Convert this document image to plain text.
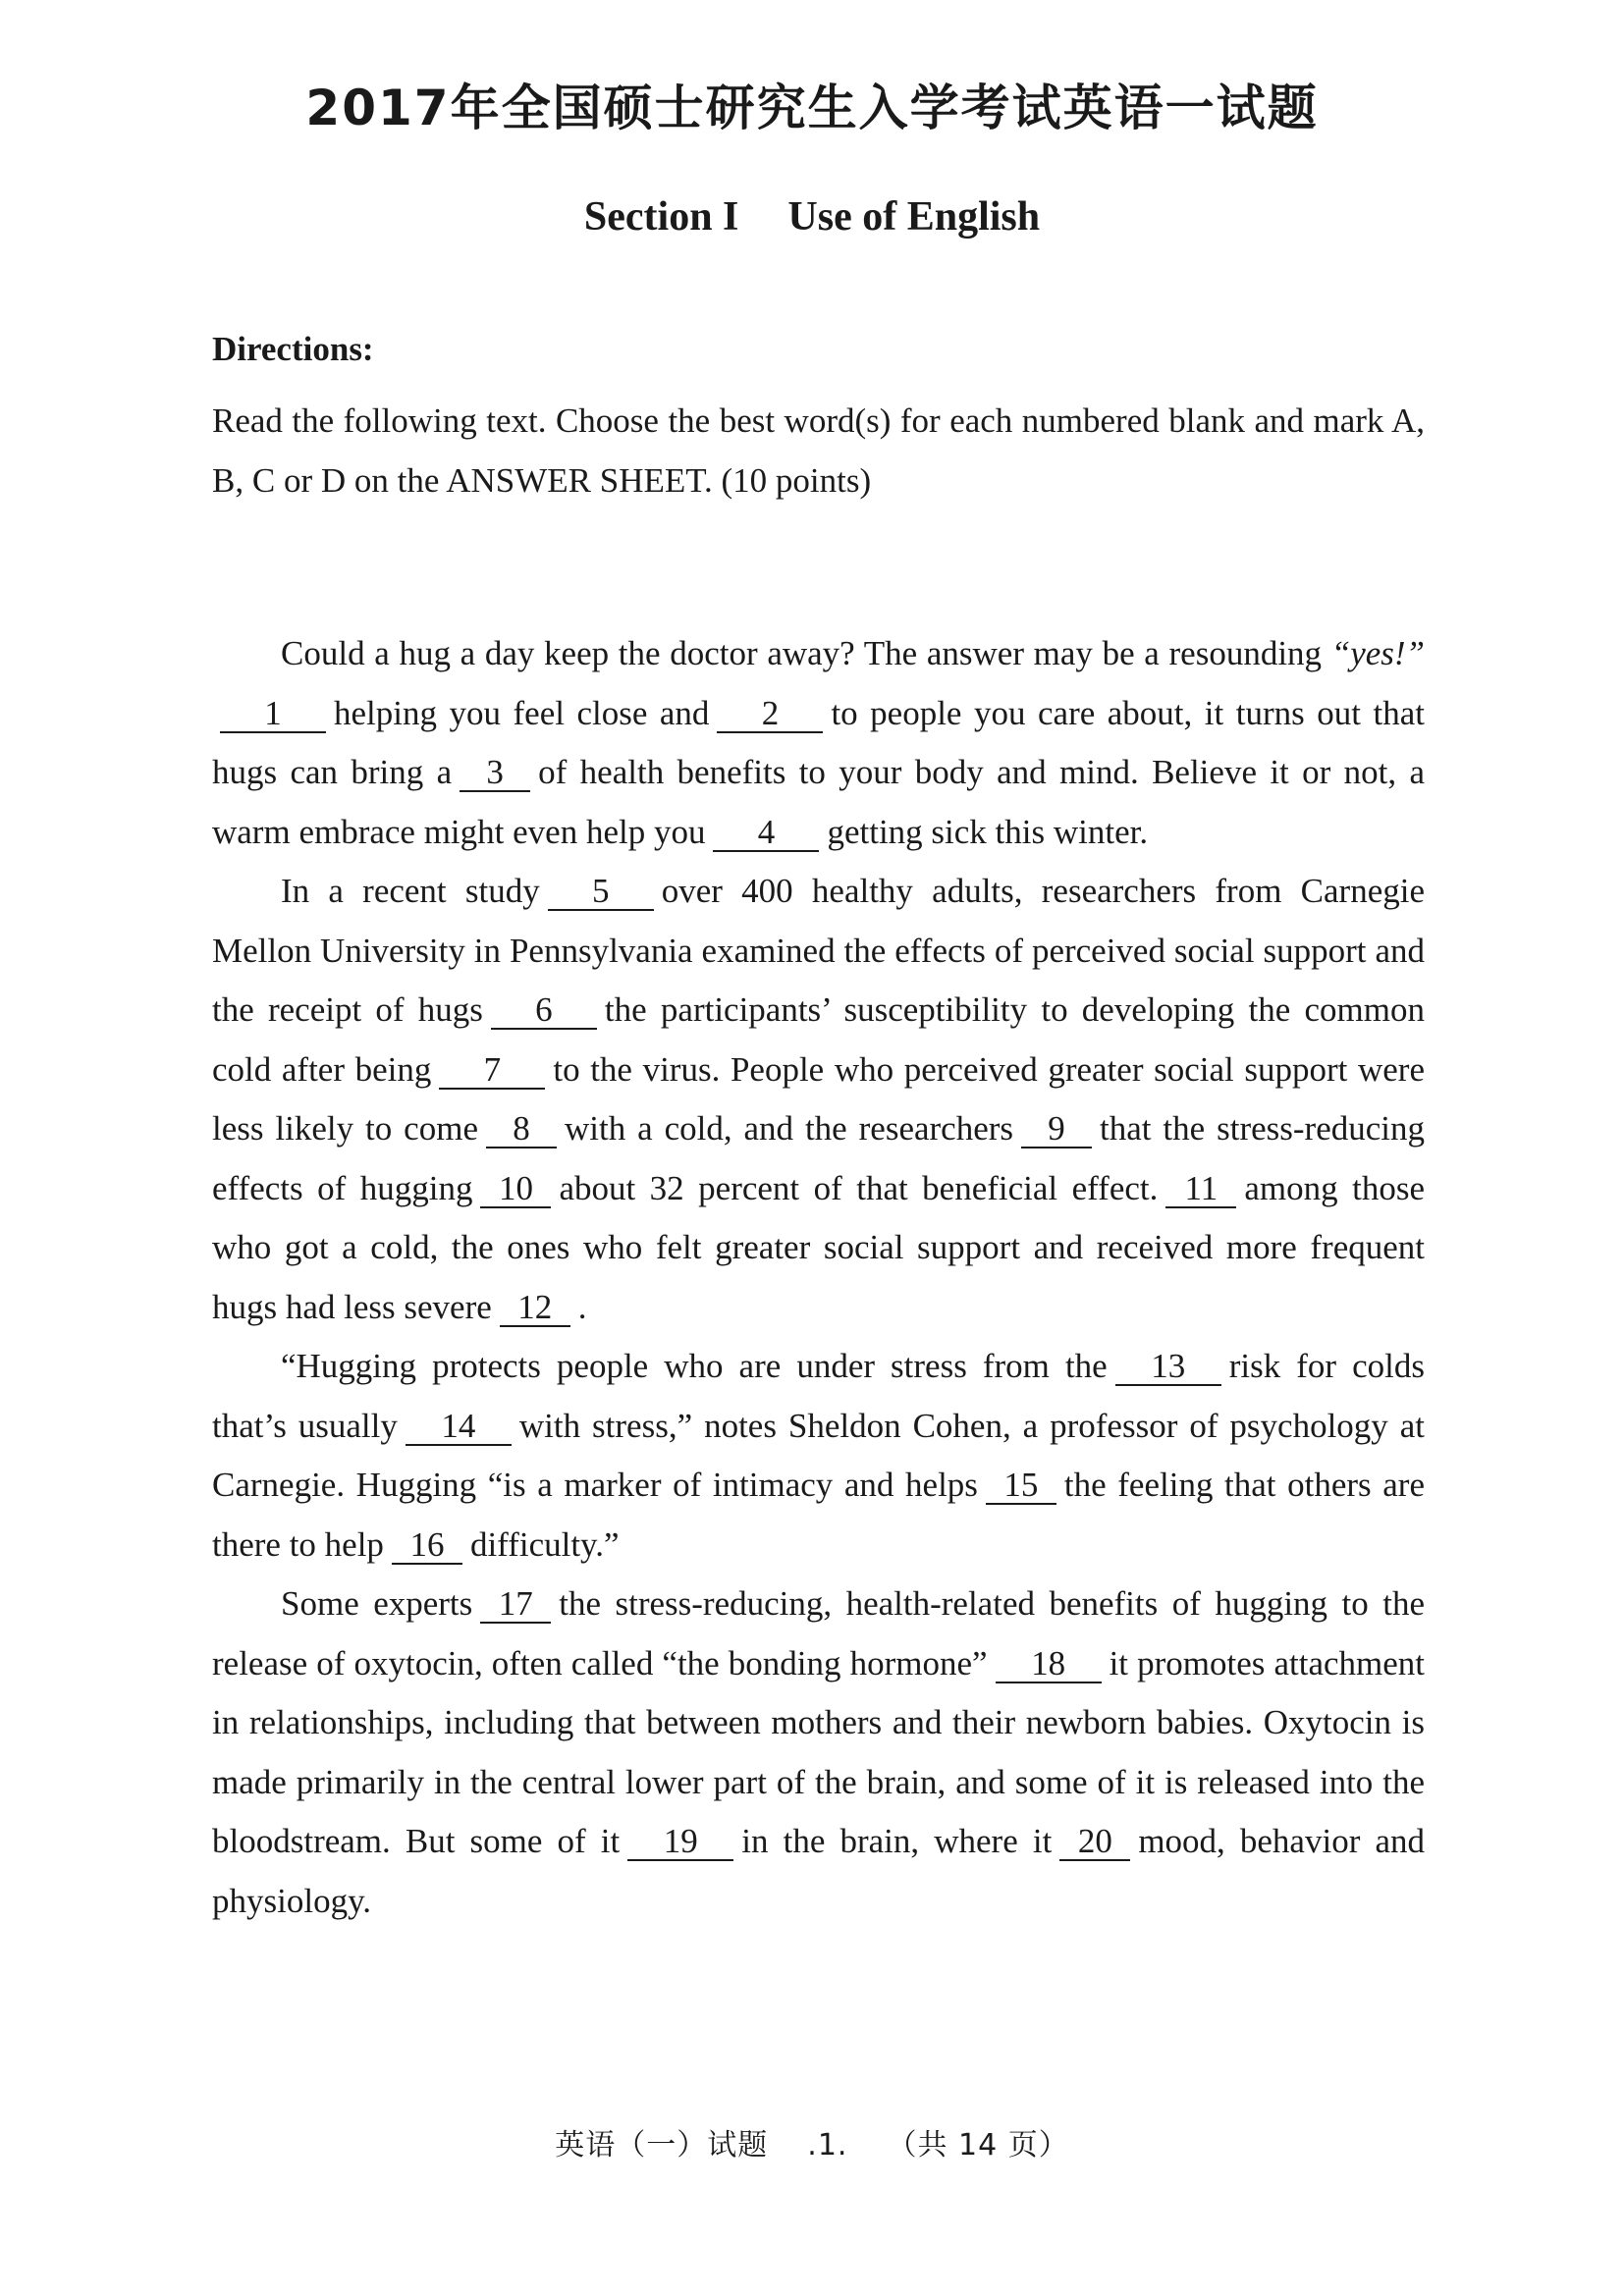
2017年全国硕士研究生入学考试英语一试题
Section I Use of English

Directions:

Read the following text. Choose the best word(s) for each numbered blank and mark A, B, C or D on the ANSWER SHEET. (10 points)

Could a hug a day keep the doctor away? The answer may be a resounding “yes!”1 helping you feel close and 2 to people you care about, it turns out that hugs can bring a 3 of health benefits to your body and mind. Believe it or not, a warm embrace might even help you 4 getting sick this winter.

In a recent study 5 over 400 healthy adults, researchers from Carnegie Mellon University in Pennsylvania examined the effects of perceived social support and the receipt of hugs 6 the participants’ susceptibility to developing the common cold after being 7 to the virus. People who perceived greater social support were less likely to come 8 with a cold, and the researchers 9 that the stress-reducing effects of hugging 10 about 32 percent of that beneficial effect. 11 among those who got a cold, the ones who felt greater social support and received more frequent hugs had less severe 12 .

“Hugging protects people who are under stress from the 13 risk for colds that’s usually 14 with stress,” notes Sheldon Cohen, a professor of psychology at Carnegie. Hugging “is a marker of intimacy and helps 15 the feeling that others are there to help 16 difficulty.”

Some experts 17 the stress-reducing, health-related benefits of hugging to the release of oxytocin, often called “the bonding hormone” 18 it promotes attachment in relationships, including that between mothers and their newborn babies. Oxytocin is made primarily in the central lower part of the brain, and some of it is released into the bloodstream. But some of it 19 in the brain, where it 20 mood, behavior and physiology.

英语（一）试题 .1. （共 14 页）
